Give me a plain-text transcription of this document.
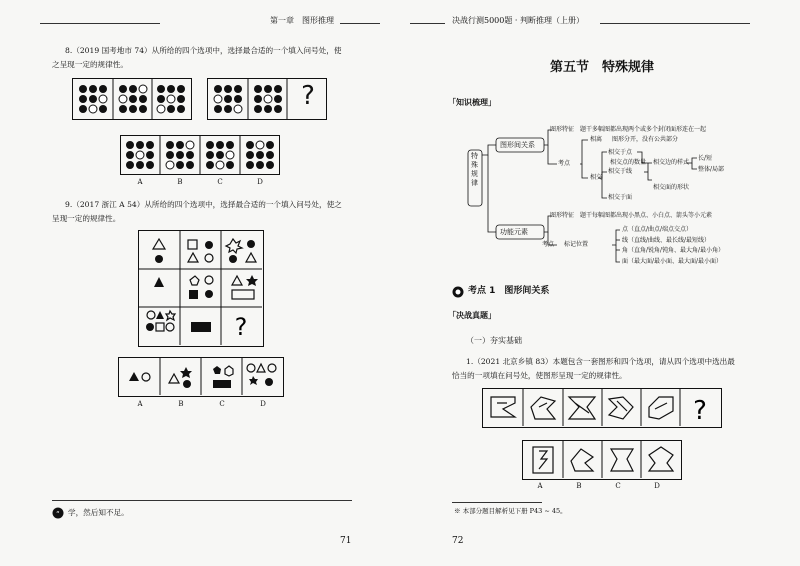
第一章　图形推理
8.（2019 国考地市 74）从所给的四个选项中，选择最合适的一个填入问号处，使
之呈现一定的规律性。
?
A	B	C	D
9.（2017 浙江 A 54）从所给的四个选项中，选择最合适的一个填入问号处，使之
呈现一定的规律性。
?
A	B	C	D
“ 学，然后知不足。
71
决战行测5000题 · 判断推理（上册）
第五节　特殊规律
「知识梳理」
特殊规律
图形间关系
功能元素
图形特征 题干多幅图都出现两个或多个封闭面形连在一起
考点
相离 图形分开，没有公共部分
相交
相交于点
相交点的数量
相交于线
相交边的样式
长/短
整体/局部
相交于面
相交面的形状
图形特征 题干每幅图都出现小黑点、小白点、箭头等小元素
考点 标记位置
点（直点/曲点/端点交点）
线（直线/曲线、最长线/最短线）
角（直角/锐角/钝角、最大角/最小角）
面（最大面/最小面、最大面/最小面）
考点 1　图形间关系
「决战真题」
（一）夯实基础
1.（2021 北京乡镇 83）本题包含一套图形和四个选项，请从四个选项中选出最
恰当的一项填在问号处，使图形呈现一定的规律性。
?
A	B	C	D
※ 本部分题目解析见下册 P43 ~ 45。
72
